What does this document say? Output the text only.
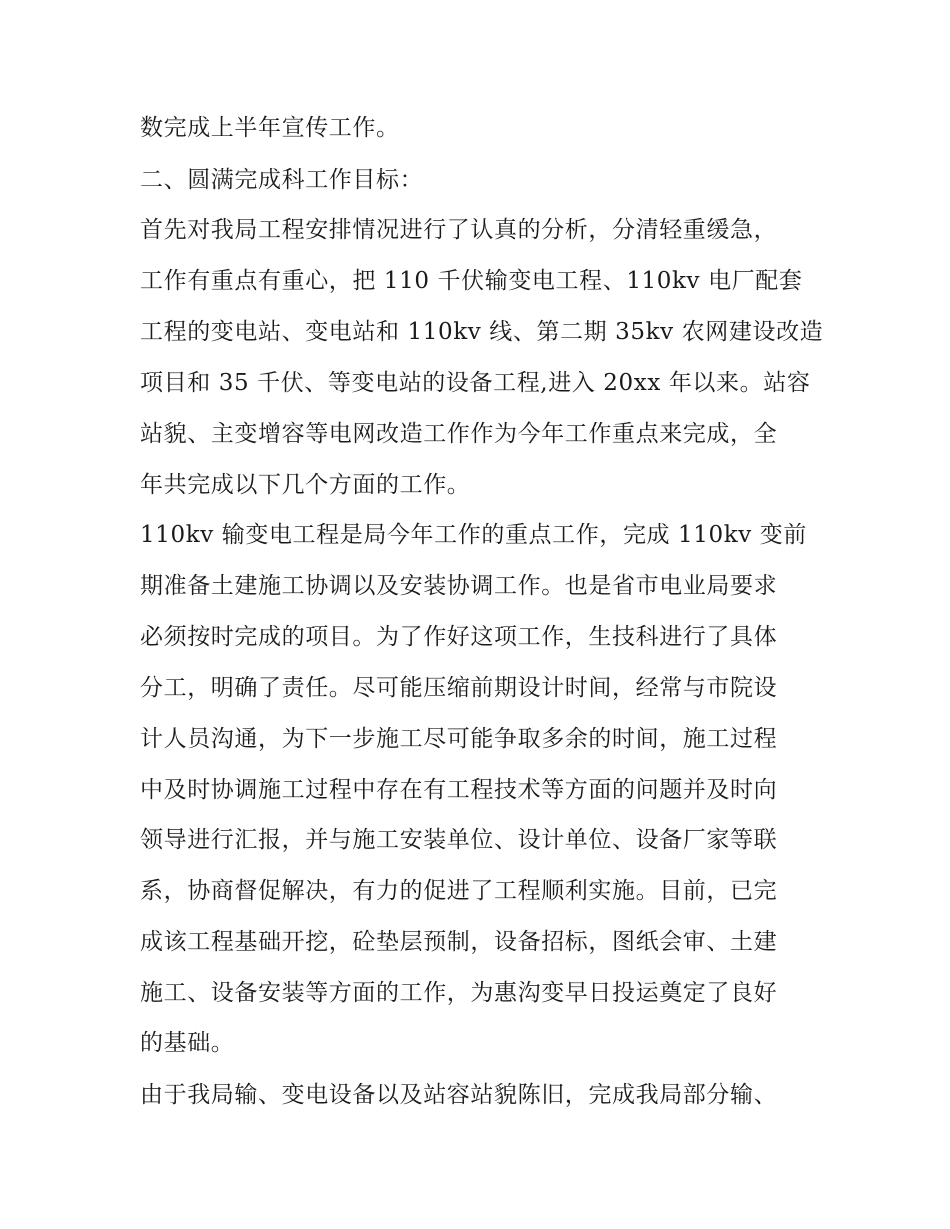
数完成上半年宣传工作。
二、圆满完成科工作目标：
首先对我局工程安排情况进行了认真的分析，分清轻重缓急，
工作有重点有重心，把 110 千伏输变电工程、110kv 电厂配套
工程的变电站、变电站和 110kv 线、第二期 35kv 农网建设改造
项目和 35 千伏、等变电站的设备工程,进入 20xx 年以来。站容
站貌、主变增容等电网改造工作作为今年工作重点来完成，全
年共完成以下几个方面的工作。
110kv 输变电工程是局今年工作的重点工作，完成 110kv 变前
期准备土建施工协调以及安装协调工作。也是省市电业局要求
必须按时完成的项目。为了作好这项工作，生技科进行了具体
分工，明确了责任。尽可能压缩前期设计时间，经常与市院设
计人员沟通，为下一步施工尽可能争取多余的时间，施工过程
中及时协调施工过程中存在有工程技术等方面的问题并及时向
领导进行汇报，并与施工安装单位、设计单位、设备厂家等联
系，协商督促解决，有力的促进了工程顺利实施。目前，已完
成该工程基础开挖，砼垫层预制，设备招标，图纸会审、土建
施工、设备安装等方面的工作，为惠沟变早日投运奠定了良好
的基础。
由于我局输、变电设备以及站容站貌陈旧，完成我局部分输、
